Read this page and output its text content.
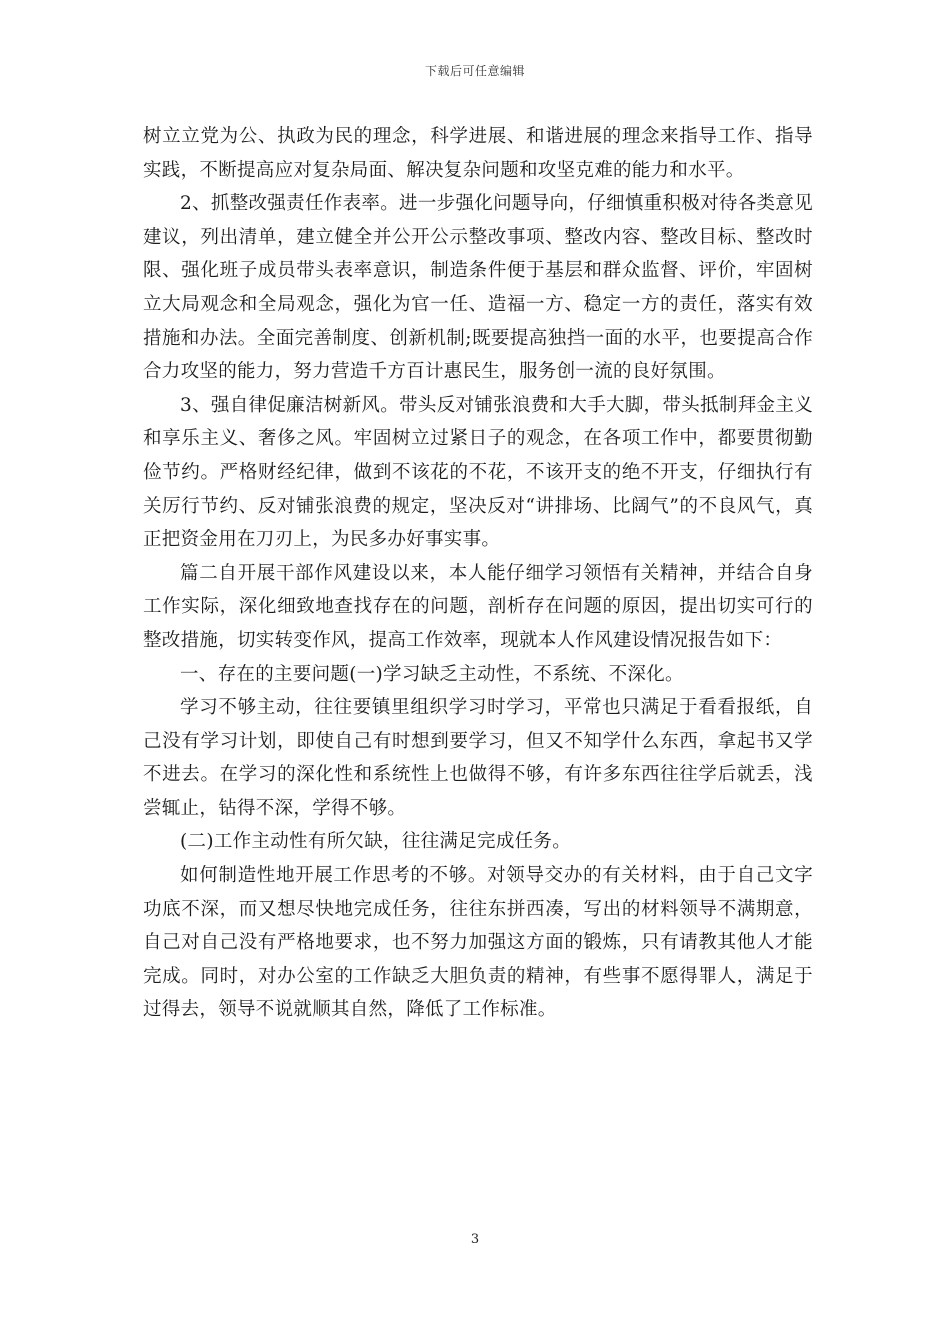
下载后可任意编辑

树立立党为公、执政为民的理念，科学进展、和谐进展的理念来指导工作、指导实践，不断提高应对复杂局面、解决复杂问题和攻坚克难的能力和水平。

2、抓整改强责任作表率。进一步强化问题导向，仔细慎重积极对待各类意见建议，列出清单，建立健全并公开公示整改事项、整改内容、整改目标、整改时限、强化班子成员带头表率意识，制造条件便于基层和群众监督、评价，牢固树立大局观念和全局观念，强化为官一任、造福一方、稳定一方的责任，落实有效措施和办法。全面完善制度、创新机制;既要提高独挡一面的水平，也要提高合作合力攻坚的能力，努力营造千方百计惠民生，服务创一流的良好氛围。

3、强自律促廉洁树新风。带头反对铺张浪费和大手大脚，带头抵制拜金主义和享乐主义、奢侈之风。牢固树立过紧日子的观念，在各项工作中，都要贯彻勤俭节约。严格财经纪律，做到不该花的不花，不该开支的绝不开支，仔细执行有关厉行节约、反对铺张浪费的规定，坚决反对“讲排场、比阔气”的不良风气，真正把资金用在刀刃上，为民多办好事实事。

篇二自开展干部作风建设以来，本人能仔细学习领悟有关精神，并结合自身工作实际，深化细致地查找存在的问题，剖析存在问题的原因，提出切实可行的整改措施，切实转变作风，提高工作效率，现就本人作风建设情况报告如下：

一、存在的主要问题(一)学习缺乏主动性，不系统、不深化。

学习不够主动，往往要镇里组织学习时学习，平常也只满足于看看报纸，自己没有学习计划，即使自己有时想到要学习，但又不知学什么东西，拿起书又学不进去。在学习的深化性和系统性上也做得不够，有许多东西往往学后就丢，浅尝辄止，钻得不深，学得不够。

(二)工作主动性有所欠缺，往往满足完成任务。

如何制造性地开展工作思考的不够。对领导交办的有关材料，由于自己文字功底不深，而又想尽快地完成任务，往往东拼西凑，写出的材料领导不满期意，自己对自己没有严格地要求，也不努力加强这方面的锻炼，只有请教其他人才能完成。同时，对办公室的工作缺乏大胆负责的精神，有些事不愿得罪人，满足于过得去，领导不说就顺其自然，降低了工作标准。

3
